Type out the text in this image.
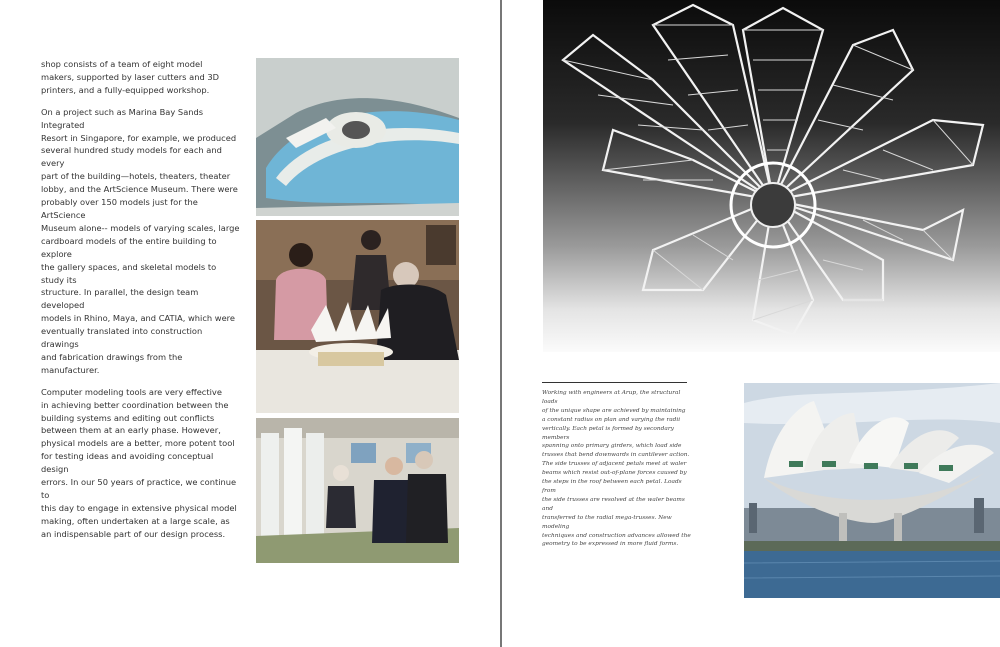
shop consists of a team of eight model
makers, supported by laser cutters and 3D
printers, and a fully-equipped workshop.

On a project such as Marina Bay Sands Integrated
Resort in Singapore, for example, we produced
several hundred study models for each and every
part of the building—hotels, theaters, theater
lobby, and the ArtScience Museum. There were
probably over 150 models just for the ArtScience
Museum alone-- models of varying scales, large
cardboard models of the entire building to explore
the gallery spaces, and skeletal models to study its
structure. In parallel, the design team developed
models in Rhino, Maya, and CATIA, which were
eventually translated into construction drawings
and fabrication drawings from the manufacturer.

Computer modeling tools are very effective
in achieving better coordination between the
building systems and editing out conflicts
between them at an early phase. However,
physical models are a better, more potent tool
for testing ideas and avoiding conceptual design
errors. In our 50 years of practice, we continue to
this day to engage in extensive physical model
making, often undertaken at a large scale, as
an indispensable part of our design process.

Working with engineers at Arup, the structural loads
of the unique shape are achieved by maintaining
a constant radius on plan and varying the radii
vertically. Each petal is formed by secondary members
spanning onto primary girders, which load side
trusses that bend downwards in cantilever action.
The side trusses of adjacent petals meet at waler
beams which resist out-of-plane forces caused by
the steps in the roof between each petal. Loads from
the side trusses are resolved at the waler beams and
transferred to the radial mega-trusses. New modeling
techniques and construction advances allowed the
geometry to be expressed in more fluid forms.
